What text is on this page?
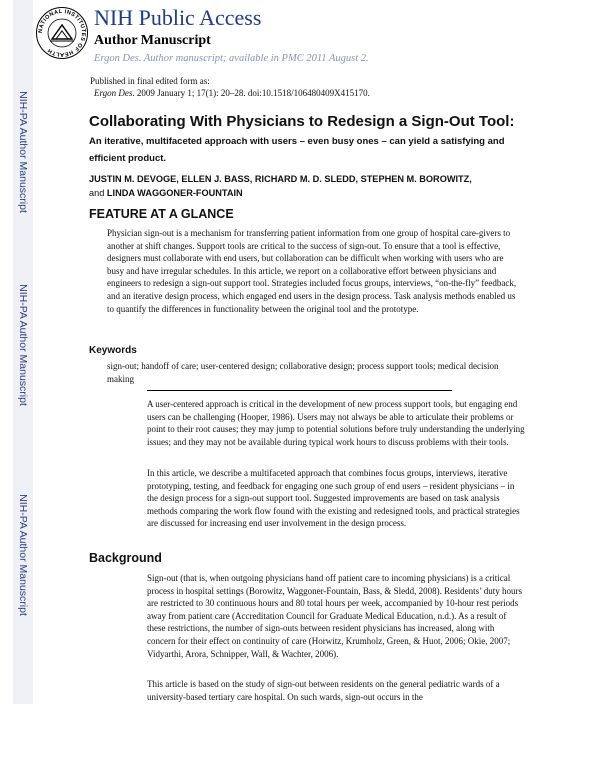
NIH-PA Author Manuscript
NIH-PA Author Manuscript
NIH-PA Author Manuscript
NATIONAL INSTITUTES OF HEALTH
NIH Public Access
Author Manuscript
Ergon Des. Author manuscript; available in PMC 2011 August 2.
Published in final edited form as:
Ergon Des. 2009 January 1; 17(1): 20–28. doi:10.1518/106480409X415170.
Collaborating With Physicians to Redesign a Sign-Out Tool:
An iterative, multifaceted approach with users – even busy ones – can yield a satisfying and efficient product.
JUSTIN M. DEVOGE, ELLEN J. BASS, RICHARD M. D. SLEDD, STEPHEN M. BOROWITZ,
and LINDA WAGGONER-FOUNTAIN
FEATURE AT A GLANCE

Physician sign-out is a mechanism for transferring patient information from one group of hospital care-givers to another at shift changes. Support tools are critical to the success of sign-out. To ensure that a tool is effective, designers must collaborate with end users, but collaboration can be difficult when working with users who are busy and have irregular schedules. In this article, we report on a collaborative effort between physicians and engineers to redesign a sign-out support tool. Strategies included focus groups, interviews, “on-the-fly” feedback, and an iterative design process, which engaged end users in the design process. Task analysis methods enabled us to quantify the differences in functionality between the original tool and the prototype.

Keywords

sign-out; handoff of care; user-centered design; collaborative design; process support tools; medical decision making

A user-centered approach is critical in the development of new process support tools, but engaging end users can be challenging (Hooper, 1986). Users may not always be able to articulate their problems or point to their root causes; they may jump to potential solutions before truly understanding the underlying issues; and they may not be available during typical work hours to discuss problems with their tools.

In this article, we describe a multifaceted approach that combines focus groups, interviews, iterative prototyping, testing, and feedback for engaging one such group of end users – resident physicians – in the design process for a sign-out support tool. Suggested improvements are based on task analysis methods comparing the work flow found with the existing and redesigned tools, and practical strategies are discussed for increasing end user involvement in the design process.

Background

Sign-out (that is, when outgoing physicians hand off patient care to incoming physicians) is a critical process in hospital settings (Borowitz, Waggoner-Fountain, Bass, & Sledd, 2008). Residents’ duty hours are restricted to 30 continuous hours and 80 total hours per week, accompanied by 10-hour rest periods away from patient care (Accreditation Council for Graduate Medical Education, n.d.). As a result of these restrictions, the number of sign-outs between resident physicians has increased, along with concern for their effect on continuity of care (Horwitz, Krumholz, Green, & Huot, 2006; Okie, 2007; Vidyarthi, Arora, Schnipper, Wall, & Wachter, 2006).

This article is based on the study of sign-out between residents on the general pediatric wards of a university-based tertiary care hospital. On such wards, sign-out occurs in the
